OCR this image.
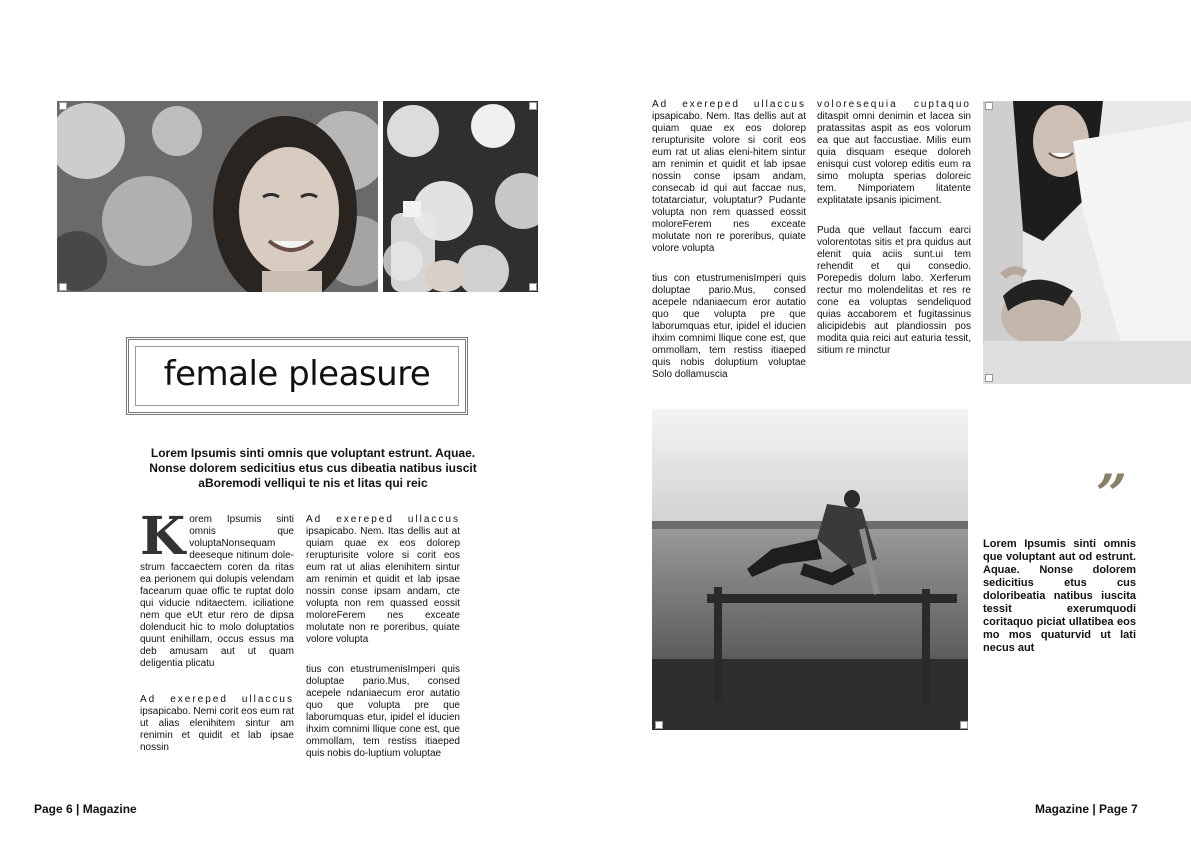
female pleasure
Lorem Ipsumis sinti omnis que voluptant estrunt. Aquae. Nonse dolorem sedicitius etus cus dibeatia natibus iuscit aBoremodi velliqui te nis et litas qui reic

K orem Ipsumis sinti omnis que voluptaNonsequam deeseque nitinum dole-strum faccaectem coren da ritas ea perionem qui dolupis velendam facearum quae offic te ruptat dolo qui viducie nditaectem. iciliatione nem que eUt etur rero de dipsa dolenducit hic to molo doluptatios quunt enihillam, occus essus ma deb amusam aut ut quam deligentia plicatu

Ad exereped ullaccus ipsapicabo. Nemi corit eos eum rat ut alias elenihitem sintur am renimin et quidit et lab ipsae nossin

Ad exereped ullaccus ipsapicabo. Nem. Itas dellis aut at quiam quae ex eos dolorep rerupturisite volore si corit eos eum rat ut alias elenihitem sintur am renimin et quidit et lab ipsae nossin conse ipsam andam, cte volupta non rem quassed eossit moloreFerem nes exceate molutate non re poreribus, quiate volore volupta

tius con etustrumenisImperi quis doluptae pario.Mus, consed acepele ndaniaecum eror autatio quo que volupta pre que laborumquas etur, ipidel el iducien ihxim comnimi llique cone est, que ommollam, tem restiss itiaeped quis nobis do-luptium voluptae

Page 6 | Magazine

Ad exereped ullaccus ipsapicabo. Nem. Itas dellis aut at quiam quae ex eos dolorep rerupturisite volore si corit eos eum rat ut alias eleni-hitem sintur am renimin et quidit et lab ipsae nossin conse ipsam andam, consecab id qui aut faccae nus, totatarciatur, voluptatur? Pudante volupta non rem quassed eossit moloreFerem nes exceate molutate non re poreribus, quiate volore volupta

tius con etustrumenisImperi quis doluptae pario.Mus, consed acepele ndaniaecum eror autatio quo que volupta pre que laborumquas etur, ipidel el iducien ihxim comnimi llique cone est, que ommollam, tem restiss itiaeped quis nobis doluptium voluptae Solo dollamuscia

voloresequia cuptaquo ditaspit omni denimin et lacea sin pratassitas aspit as eos volorum ea que aut faccustiae. Milis eum quia disquam eseque doloreh enisqui cust volorep editis eum ra simo molupta sperias doloreic tem. Nimporiatem litatente explitatate ipsanis ipiciment.

Puda que vellaut faccum earci volorentotas sitis et pra quidus aut elenit quia aciis sunt.ui tem rehendit et qui consedio. Porepedis dolum labo. Xerferum rectur mo molendelitas et res re cone ea voluptas sendeliquod quias accaborem et fugitassinus alicipidebis aut plandiossin pos modita quia reici aut eaturia tessit, sitium re minctur

”
Lorem Ipsumis sinti omnis que voluptant aut od estrunt. Aquae. Nonse dolorem sedicitius etus cus doloribeatia natibus iuscita tessit exerumquodi coritaquo piciat ullatibea eos mo mos quaturvid ut lati necus aut
Magazine | Page 7
